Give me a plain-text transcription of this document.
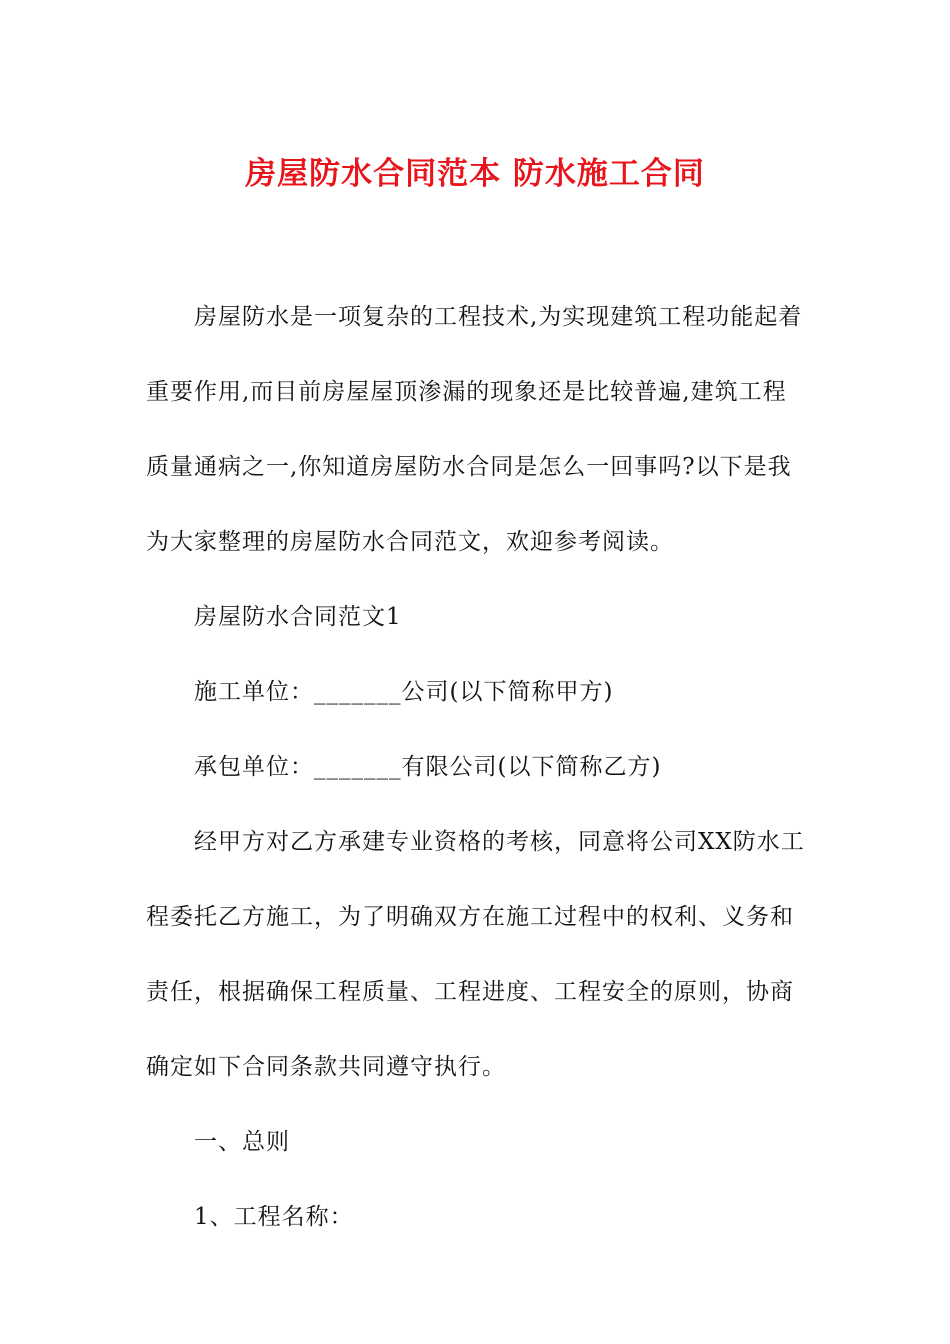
房屋防水合同范本 防水施工合同

房屋防水是一项复杂的工程技术,为实现建筑工程功能起着重要作用,而目前房屋屋顶渗漏的现象还是比较普遍,建筑工程质量通病之一,你知道房屋防水合同是怎么一回事吗?以下是我为大家整理的房屋防水合同范文，欢迎参考阅读。

房屋防水合同范文1

施工单位：_______公司(以下简称甲方)

承包单位：_______有限公司(以下简称乙方)

经甲方对乙方承建专业资格的考核，同意将公司XX防水工程委托乙方施工，为了明确双方在施工过程中的权利、义务和责任，根据确保工程质量、工程进度、工程安全的原则，协商确定如下合同条款共同遵守执行。

一、总则

1、工程名称：
